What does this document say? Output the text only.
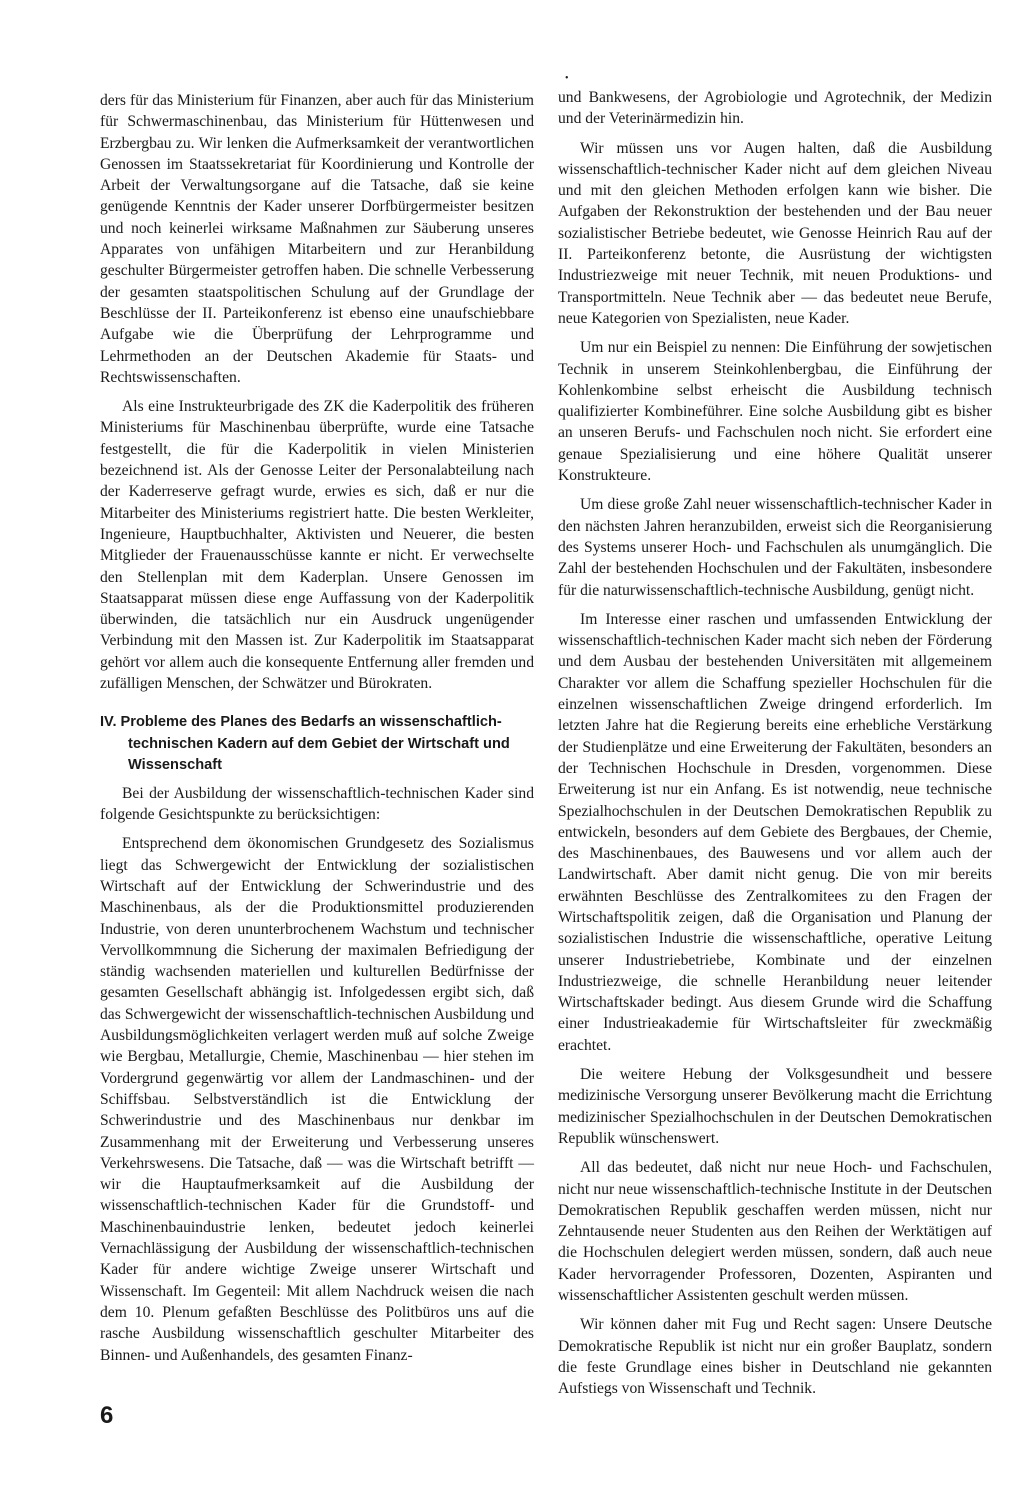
•

ders für das Ministerium für Finanzen, aber auch für das Ministerium für Schwermaschinenbau, das Ministerium für Hüttenwesen und Erzbergbau zu. Wir lenken die Aufmerksamkeit der verantwortlichen Genossen im Staatssekretariat für Koordinierung und Kontrolle der Arbeit der Verwaltungsorgane auf die Tatsache, daß sie keine genügende Kenntnis der Kader unserer Dorfbürgermeister besitzen und noch keinerlei wirksame Maßnahmen zur Säuberung unseres Apparates von unfähigen Mitarbeitern und zur Heranbildung geschulter Bürgermeister getroffen haben. Die schnelle Verbesserung der gesamten staatspolitischen Schulung auf der Grundlage der Beschlüsse der II. Parteikonferenz ist ebenso eine unaufschiebbare Aufgabe wie die Überprüfung der Lehrprogramme und Lehrmethoden an der Deutschen Akademie für Staats- und Rechtswissenschaften.

Als eine Instrukteurbrigade des ZK die Kaderpolitik des früheren Ministeriums für Maschinenbau überprüfte, wurde eine Tatsache festgestellt, die für die Kaderpolitik in vielen Ministerien bezeichnend ist. Als der Genosse Leiter der Personalabteilung nach der Kaderreserve gefragt wurde, erwies es sich, daß er nur die Mitarbeiter des Ministeriums registriert hatte. Die besten Werkleiter, Ingenieure, Hauptbuchhalter, Aktivisten und Neuerer, die besten Mitglieder der Frauenausschüsse kannte er nicht. Er verwechselte den Stellenplan mit dem Kaderplan. Unsere Genossen im Staatsapparat müssen diese enge Auffassung von der Kaderpolitik überwinden, die tatsächlich nur ein Ausdruck ungenügender Verbindung mit den Massen ist. Zur Kaderpolitik im Staatsapparat gehört vor allem auch die konsequente Entfernung aller fremden und zufälligen Menschen, der Schwätzer und Bürokraten.

IV. Probleme des Planes des Bedarfs an wissenschaftlich-technischen Kadern auf dem Gebiet der Wirtschaft und Wissenschaft

Bei der Ausbildung der wissenschaftlich-technischen Kader sind folgende Gesichtspunkte zu berücksichtigen:

Entsprechend dem ökonomischen Grundgesetz des Sozialismus liegt das Schwergewicht der Entwicklung der sozialistischen Wirtschaft auf der Entwicklung der Schwerindustrie und des Maschinenbaus, als der die Produktionsmittel produzierenden Industrie, von deren ununterbrochenem Wachstum und technischer Vervollkommnung die Sicherung der maximalen Befriedigung der ständig wachsenden materiellen und kulturellen Bedürfnisse der gesamten Gesellschaft abhängig ist. Infolgedessen ergibt sich, daß das Schwergewicht der wissenschaftlich-technischen Ausbildung und Ausbildungsmöglichkeiten verlagert werden muß auf solche Zweige wie Bergbau, Metallurgie, Chemie, Maschinenbau — hier stehen im Vordergrund gegenwärtig vor allem der Landmaschinen- und der Schiffsbau. Selbstverständlich ist die Entwicklung der Schwerindustrie und des Maschinenbaus nur denkbar im Zusammenhang mit der Erweiterung und Verbesserung unseres Verkehrswesens. Die Tatsache, daß — was die Wirtschaft betrifft — wir die Hauptaufmerksamkeit auf die Ausbildung der wissenschaftlich-technischen Kader für die Grundstoff- und Maschinenbauindustrie lenken, bedeutet jedoch keinerlei Vernachlässigung der Ausbildung der wissenschaftlich-technischen Kader für andere wichtige Zweige unserer Wirtschaft und Wissenschaft. Im Gegenteil: Mit allem Nachdruck weisen die nach dem 10. Plenum gefaßten Beschlüsse des Politbüros uns auf die rasche Ausbildung wissenschaftlich geschulter Mitarbeiter des Binnen- und Außenhandels, des gesamten Finanz-

und Bankwesens, der Agrobiologie und Agrotechnik, der Medizin und der Veterinärmedizin hin.

Wir müssen uns vor Augen halten, daß die Ausbildung wissenschaftlich-technischer Kader nicht auf dem gleichen Niveau und mit den gleichen Methoden erfolgen kann wie bisher. Die Aufgaben der Rekonstruktion der bestehenden und der Bau neuer sozialistischer Betriebe bedeutet, wie Genosse Heinrich Rau auf der II. Parteikonferenz betonte, die Ausrüstung der wichtigsten Industriezweige mit neuer Technik, mit neuen Produktions- und Transportmitteln. Neue Technik aber — das bedeutet neue Berufe, neue Kategorien von Spezialisten, neue Kader.

Um nur ein Beispiel zu nennen: Die Einführung der sowjetischen Technik in unserem Steinkohlenbergbau, die Einführung der Kohlenkombine selbst erheischt die Ausbildung technisch qualifizierter Kombineführer. Eine solche Ausbildung gibt es bisher an unseren Berufs- und Fachschulen noch nicht. Sie erfordert eine genaue Spezialisierung und eine höhere Qualität unserer Konstrukteure.

Um diese große Zahl neuer wissenschaftlich-technischer Kader in den nächsten Jahren heranzubilden, erweist sich die Reorganisierung des Systems unserer Hoch- und Fachschulen als unumgänglich. Die Zahl der bestehenden Hochschulen und der Fakultäten, insbesondere für die naturwissenschaftlich-technische Ausbildung, genügt nicht.

Im Interesse einer raschen und umfassenden Entwicklung der wissenschaftlich-technischen Kader macht sich neben der Förderung und dem Ausbau der bestehenden Universitäten mit allgemeinem Charakter vor allem die Schaffung spezieller Hochschulen für die einzelnen wissenschaftlichen Zweige dringend erforderlich. Im letzten Jahre hat die Regierung bereits eine erhebliche Verstärkung der Studienplätze und eine Erweiterung der Fakultäten, besonders an der Technischen Hochschule in Dresden, vorgenommen. Diese Erweiterung ist nur ein Anfang. Es ist notwendig, neue technische Spezialhochschulen in der Deutschen Demokratischen Republik zu entwickeln, besonders auf dem Gebiete des Bergbaues, der Chemie, des Maschinenbaues, des Bauwesens und vor allem auch der Landwirtschaft. Aber damit nicht genug. Die von mir bereits erwähnten Beschlüsse des Zentralkomitees zu den Fragen der Wirtschaftspolitik zeigen, daß die Organisation und Planung der sozialistischen Industrie die wissenschaftliche, operative Leitung unserer Industriebetriebe, Kombinate und der einzelnen Industriezweige, die schnelle Heranbildung neuer leitender Wirtschaftskader bedingt. Aus diesem Grunde wird die Schaffung einer Industrieakademie für Wirtschaftsleiter für zweckmäßig erachtet.

Die weitere Hebung der Volksgesundheit und bessere medizinische Versorgung unserer Bevölkerung macht die Errichtung medizinischer Spezialhochschulen in der Deutschen Demokratischen Republik wünschenswert.

All das bedeutet, daß nicht nur neue Hoch- und Fachschulen, nicht nur neue wissenschaftlich-technische Institute in der Deutschen Demokratischen Republik geschaffen werden müssen, nicht nur Zehntausende neuer Studenten aus den Reihen der Werktätigen auf die Hochschulen delegiert werden müssen, sondern, daß auch neue Kader hervorragender Professoren, Dozenten, Aspiranten und wissenschaftlicher Assistenten geschult werden müssen.

Wir können daher mit Fug und Recht sagen: Unsere Deutsche Demokratische Republik ist nicht nur ein großer Bauplatz, sondern die feste Grundlage eines bisher in Deutschland nie gekannten Aufstiegs von Wissenschaft und Technik.

6
